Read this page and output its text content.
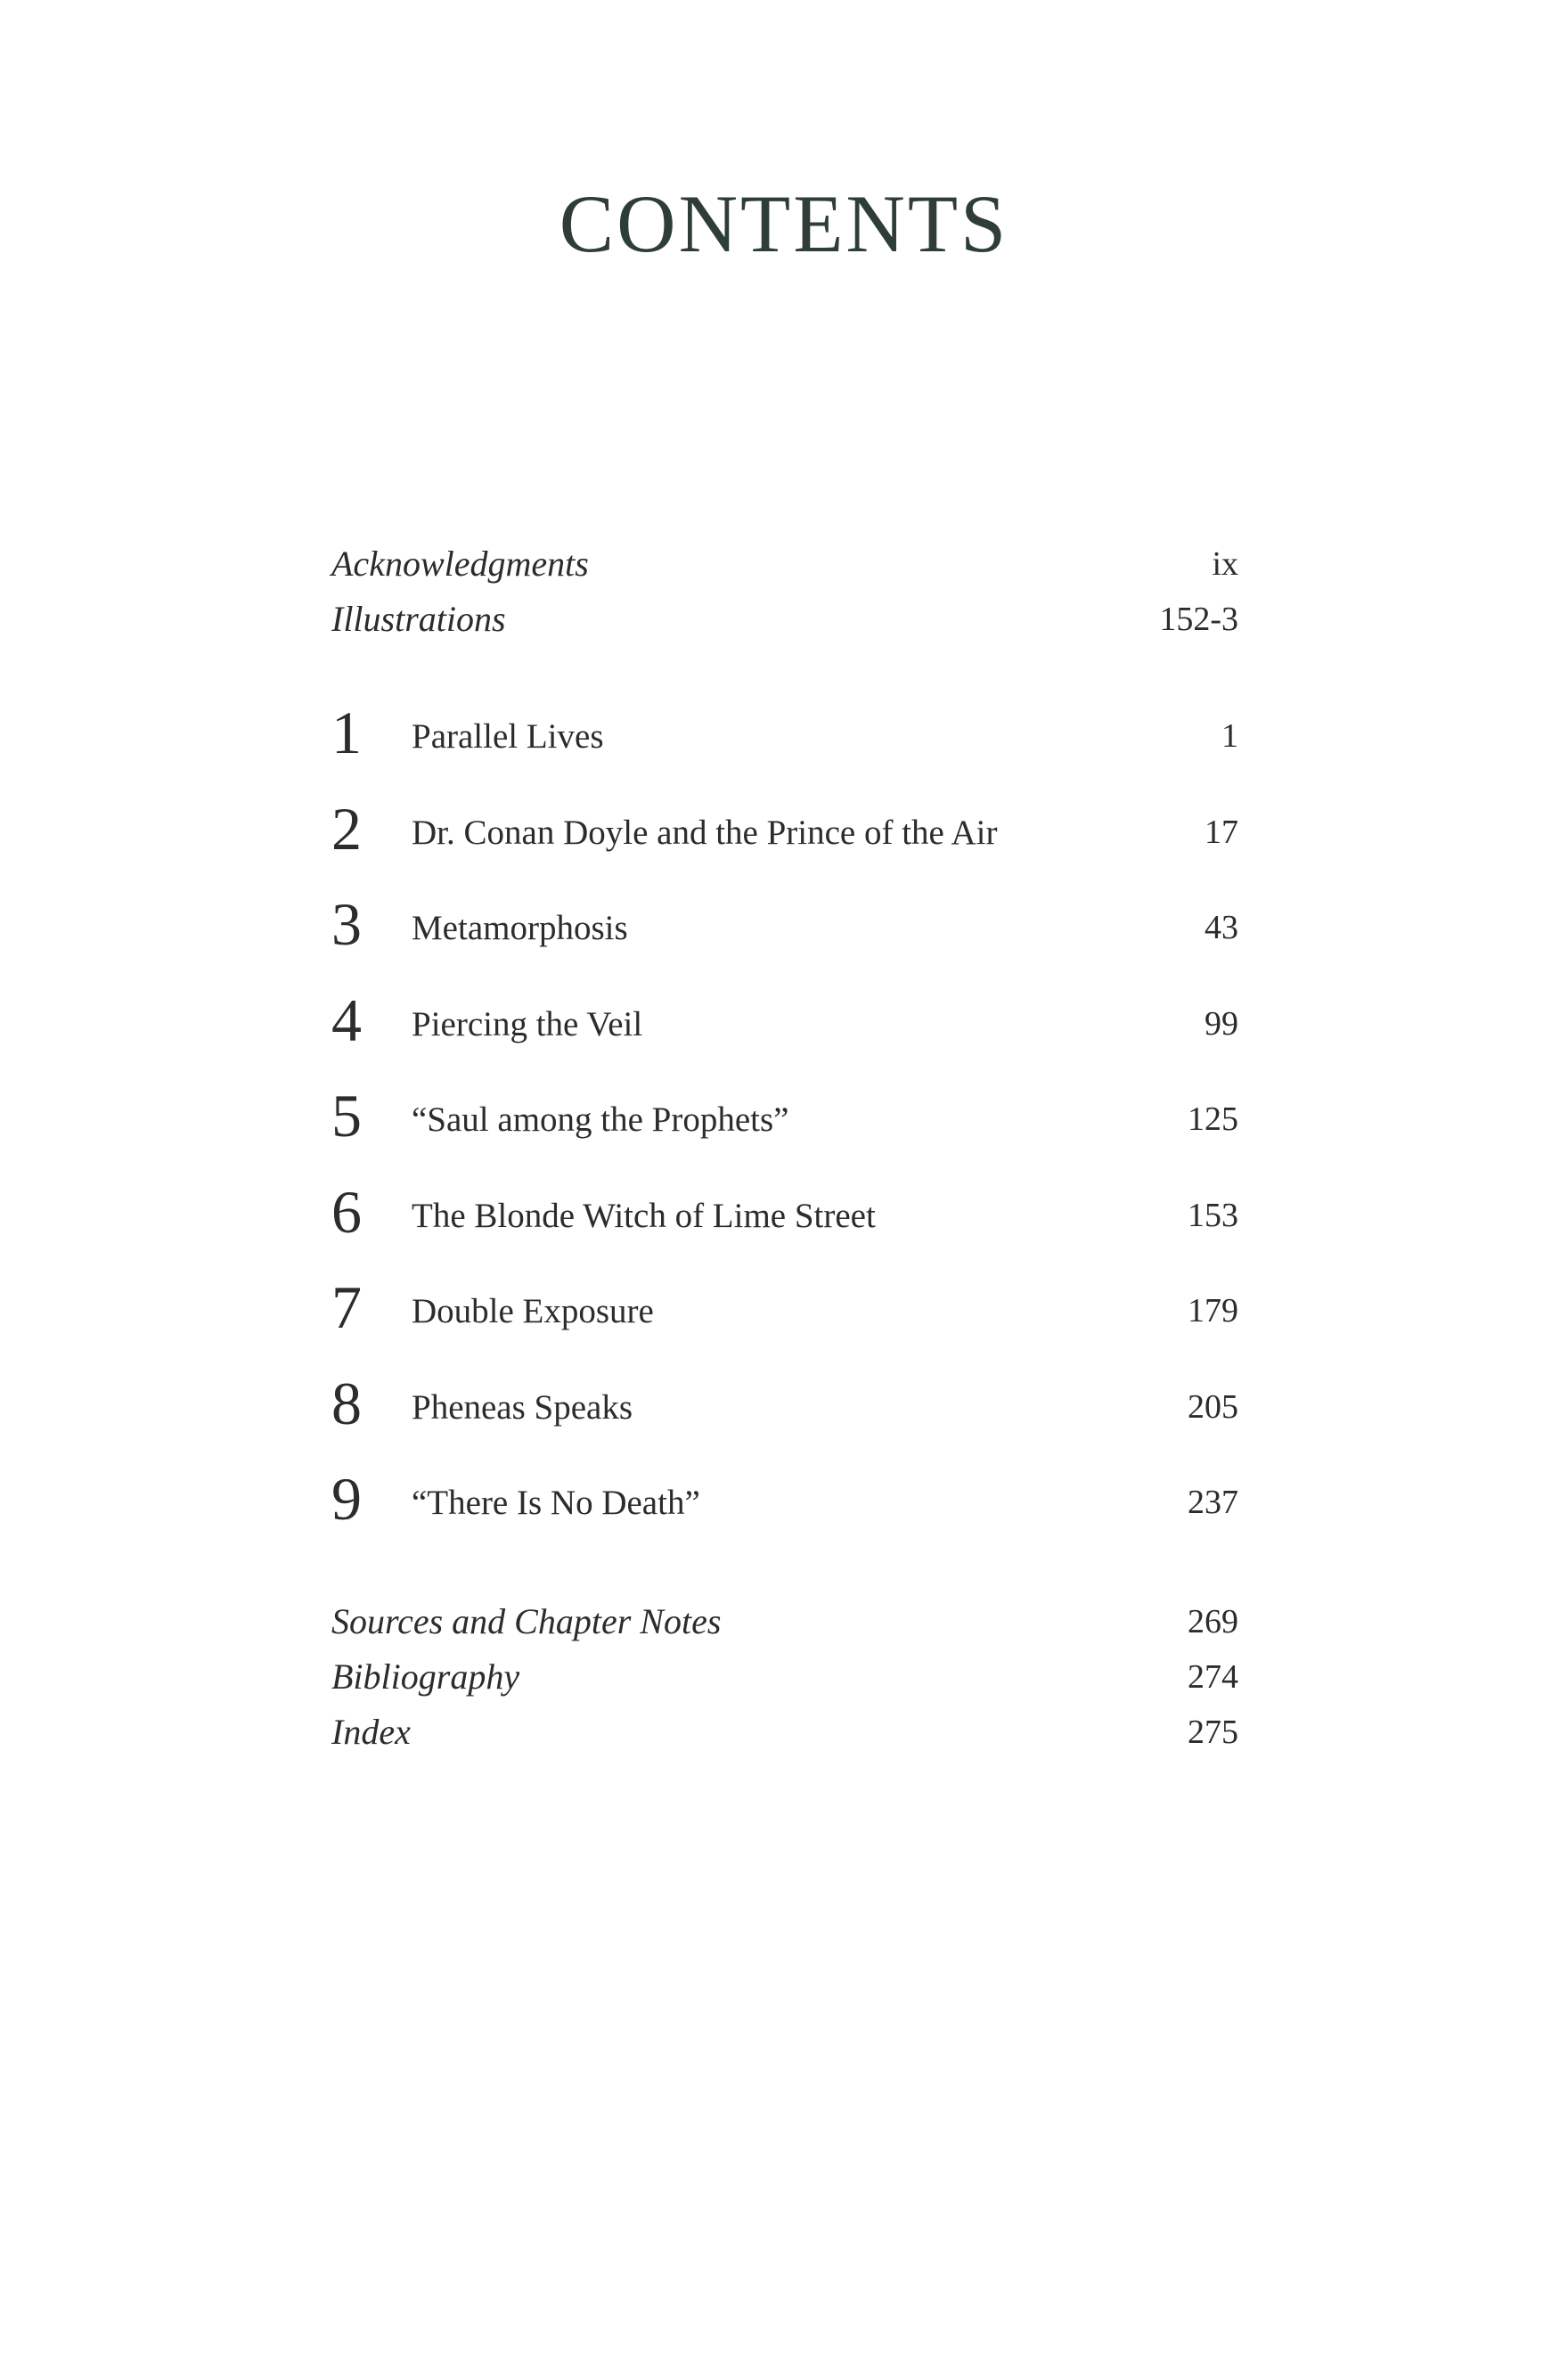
CONTENTS
Acknowledgments	ix
Illustrations	152-3
1 Parallel Lives	1
2 Dr. Conan Doyle and the Prince of the Air	17
3 Metamorphosis	43
4 Piercing the Veil	99
5 “Saul among the Prophets”	125
6 The Blonde Witch of Lime Street	153
7 Double Exposure	179
8 Pheneas Speaks	205
9 “There Is No Death”	237
Sources and Chapter Notes	269
Bibliography	274
Index	275
